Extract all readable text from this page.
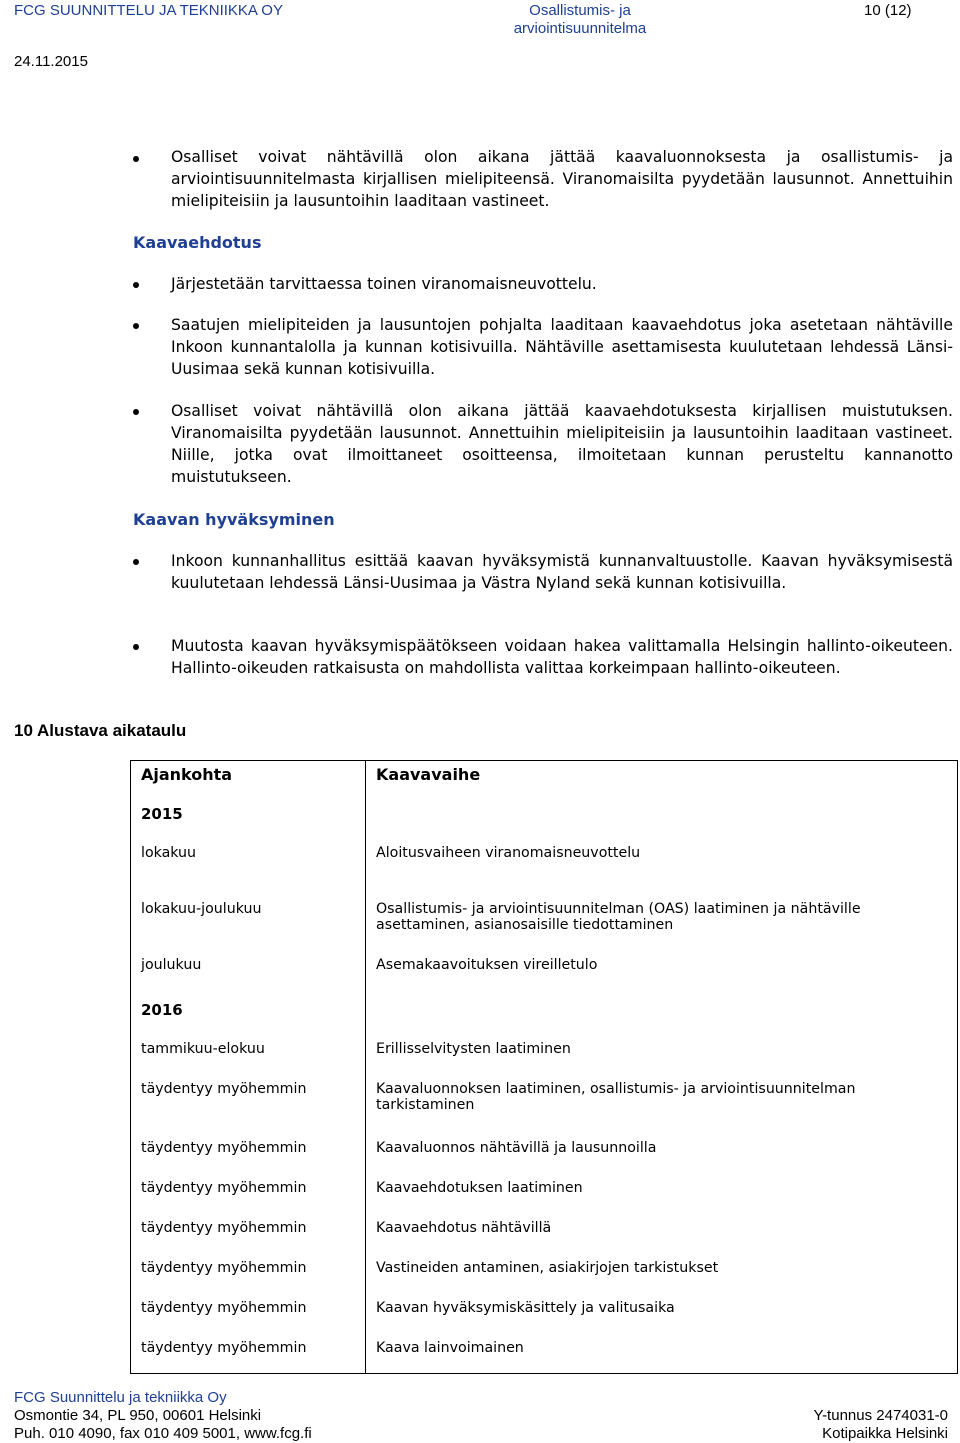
FCG SUUNNITTELU JA TEKNIIKKA OY	Osallistumis- ja
arviointisuunnitelma
10 (12)
24.11.2015
Osalliset voivat nähtävillä olon aikana jättää kaavaluonnoksesta ja osallistumis- ja arviointisuunnitelmasta kirjallisen mielipiteensä. Viranomaisilta pyydetään lausunnot. Annettuihin mielipiteisiin ja lausuntoihin laaditaan vastineet.
Kaavaehdotus
Järjestetään tarvittaessa toinen viranomaisneuvottelu.
Saatujen mielipiteiden ja lausuntojen pohjalta laaditaan kaavaehdotus joka asetetaan nähtäville Inkoon kunnantalolla ja kunnan kotisivuilla. Nähtäville asettamisesta kuulutetaan lehdessä Länsi-Uusimaa sekä kunnan kotisivuilla.
Osalliset voivat nähtävillä olon aikana jättää kaavaehdotuksesta kirjallisen muistutuksen. Viranomaisilta pyydetään lausunnot. Annettuihin mielipiteisiin ja lausuntoihin laaditaan vastineet. Niille, jotka ovat ilmoittaneet osoitteensa, ilmoitetaan kunnan perusteltu kannanotto muistutukseen.
Kaavan hyväksyminen
Inkoon kunnanhallitus esittää kaavan hyväksymistä kunnanvaltuustolle. Kaavan hyväksymisestä kuulutetaan lehdessä Länsi-Uusimaa ja Västra Nyland sekä kunnan kotisivuilla.
Muutosta kaavan hyväksymispäätökseen voidaan hakea valittamalla Helsingin hallinto-oikeuteen. Hallinto-oikeuden ratkaisusta on mahdollista valittaa korkeimpaan hallinto-oikeuteen.
10 Alustava aikataulu
Ajankohta	Kaavavaihe
2015	
lokakuu	Aloitusvaiheen viranomaisneuvottelu
lokakuu-joulukuu	Osallistumis- ja arviointisuunnitelman (OAS) laatiminen ja nähtäville asettaminen, asianosaisille tiedottaminen
joulukuu	Asemakaavoituksen vireilletulo
2016	
tammikuu-elokuu	Erillisselvitysten laatiminen
täydentyy myöhemmin	Kaavaluonnoksen laatiminen, osallistumis- ja arviointisuunnitelman tarkistaminen
täydentyy myöhemmin	Kaavaluonnos nähtävillä ja lausunnoilla
täydentyy myöhemmin	Kaavaehdotuksen laatiminen
täydentyy myöhemmin	Kaavaehdotus nähtävillä
täydentyy myöhemmin	Vastineiden antaminen, asiakirjojen tarkistukset
täydentyy myöhemmin	Kaavan hyväksymiskäsittely ja valitusaika
täydentyy myöhemmin	Kaava lainvoimainen
FCG Suunnittelu ja tekniikka Oy
Osmontie 34, PL 950, 00601 Helsinki
Puh. 010 4090, fax 010 409 5001, www.fcg.fi
Y-tunnus 2474031-0
Kotipaikka Helsinki
